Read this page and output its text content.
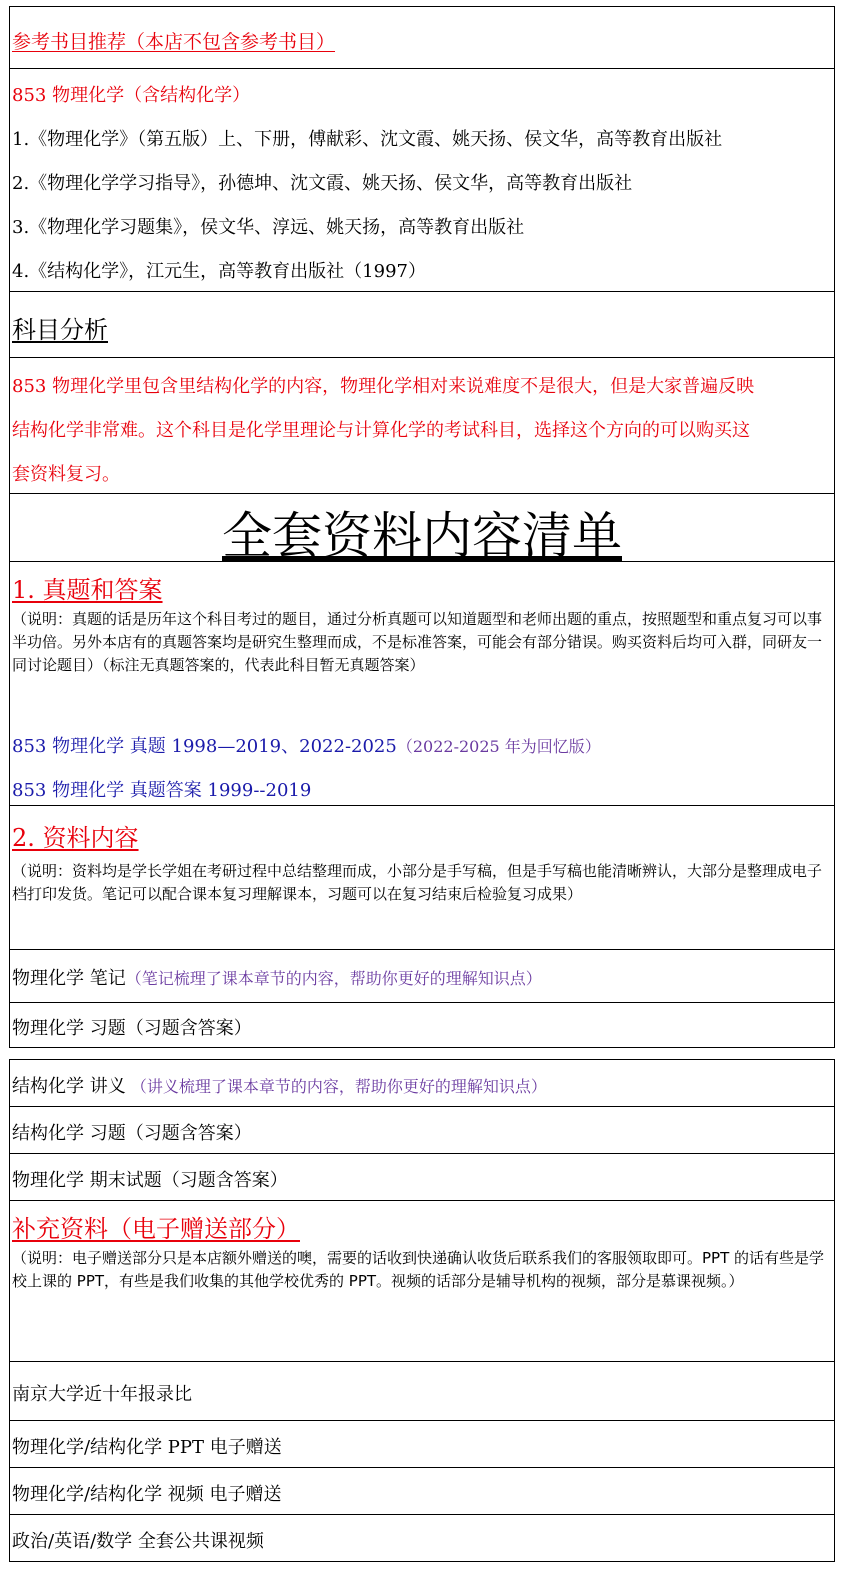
参考书目推荐（本店不包含参考书目）
853 物理化学（含结构化学）
1.《物理化学》（第五版）上、下册，傅献彩、沈文霞、姚天扬、侯文华，高等教育出版社
2.《物理化学学习指导》，孙德坤、沈文霞、姚天扬、侯文华，高等教育出版社
3.《物理化学习题集》，侯文华、淳远、姚天扬，高等教育出版社
4.《结构化学》，江元生，高等教育出版社（1997）
科目分析
853 物理化学里包含里结构化学的内容，物理化学相对来说难度不是很大，但是大家普遍反映
结构化学非常难。这个科目是化学里理论与计算化学的考试科目，选择这个方向的可以购买这
套资料复习。
全套资料内容清单
1. 真题和答案
（说明：真题的话是历年这个科目考过的题目，通过分析真题可以知道题型和老师出题的重点，按照题型和重点复习可以事半功倍。另外本店有的真题答案均是研究生整理而成，不是标准答案，可能会有部分错误。购买资料后均可入群，同研友一同讨论题目）（标注无真题答案的，代表此科目暂无真题答案）
853 物理化学 真题 1998—2019、2022-2025（2022-2025 年为回忆版）
853 物理化学 真题答案 1999--2019
2. 资料内容
（说明：资料均是学长学姐在考研过程中总结整理而成，小部分是手写稿，但是手写稿也能清晰辨认，大部分是整理成电子档打印发货。笔记可以配合课本复习理解课本，习题可以在复习结束后检验复习成果）
物理化学 笔记（笔记梳理了课本章节的内容，帮助你更好的理解知识点）
物理化学 习题（习题含答案）
结构化学 讲义 （讲义梳理了课本章节的内容，帮助你更好的理解知识点）
结构化学 习题（习题含答案）
物理化学 期末试题（习题含答案）
补充资料（电子赠送部分）
（说明：电子赠送部分只是本店额外赠送的噢，需要的话收到快递确认收货后联系我们的客服领取即可。PPT 的话有些是学校上课的 PPT，有些是我们收集的其他学校优秀的 PPT。视频的话部分是辅导机构的视频，部分是慕课视频。）
南京大学近十年报录比
物理化学/结构化学 PPT 电子赠送
物理化学/结构化学 视频 电子赠送
政治/英语/数学 全套公共课视频
